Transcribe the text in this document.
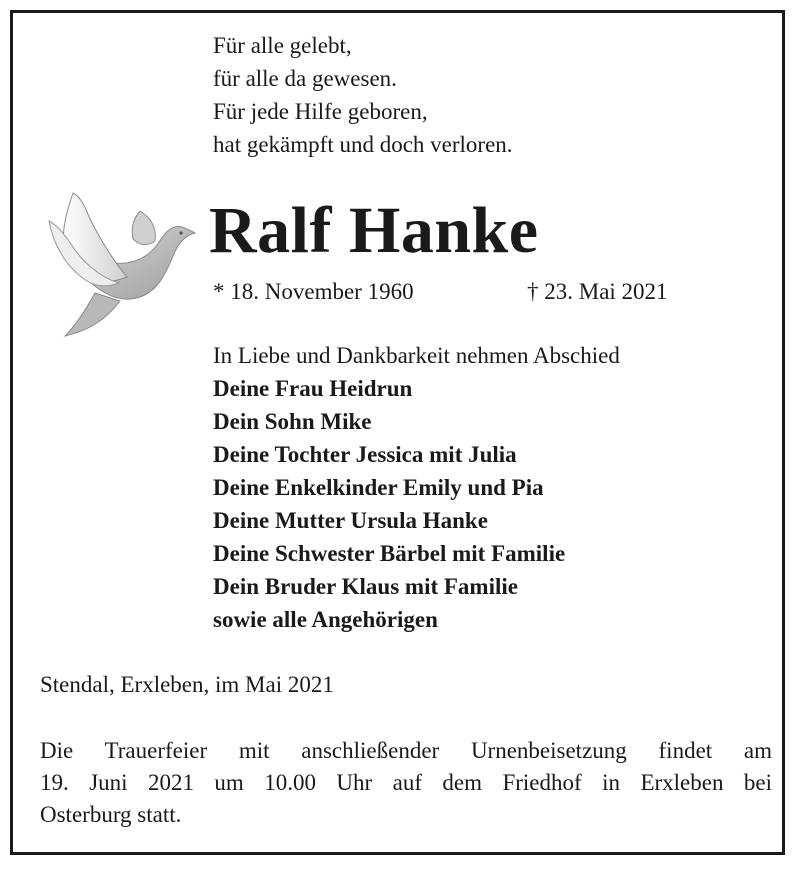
Für alle gelebt,
für alle da gewesen.
Für jede Hilfe geboren,
hat gekämpft und doch verloren.
Ralf Hanke
* 18. November 1960	† 23. Mai 2021
In Liebe und Dankbarkeit nehmen Abschied
Deine Frau Heidrun
Dein Sohn Mike
Deine Tochter Jessica mit Julia
Deine Enkelkinder Emily und Pia
Deine Mutter Ursula Hanke
Deine Schwester Bärbel mit Familie
Dein Bruder Klaus mit Familie
sowie alle Angehörigen
Stendal, Erxleben, im Mai 2021
Die Trauerfeier mit anschließender Urnenbeisetzung findet am
19. Juni 2021 um 10.00 Uhr auf dem Friedhof in Erxleben bei
Osterburg statt.
